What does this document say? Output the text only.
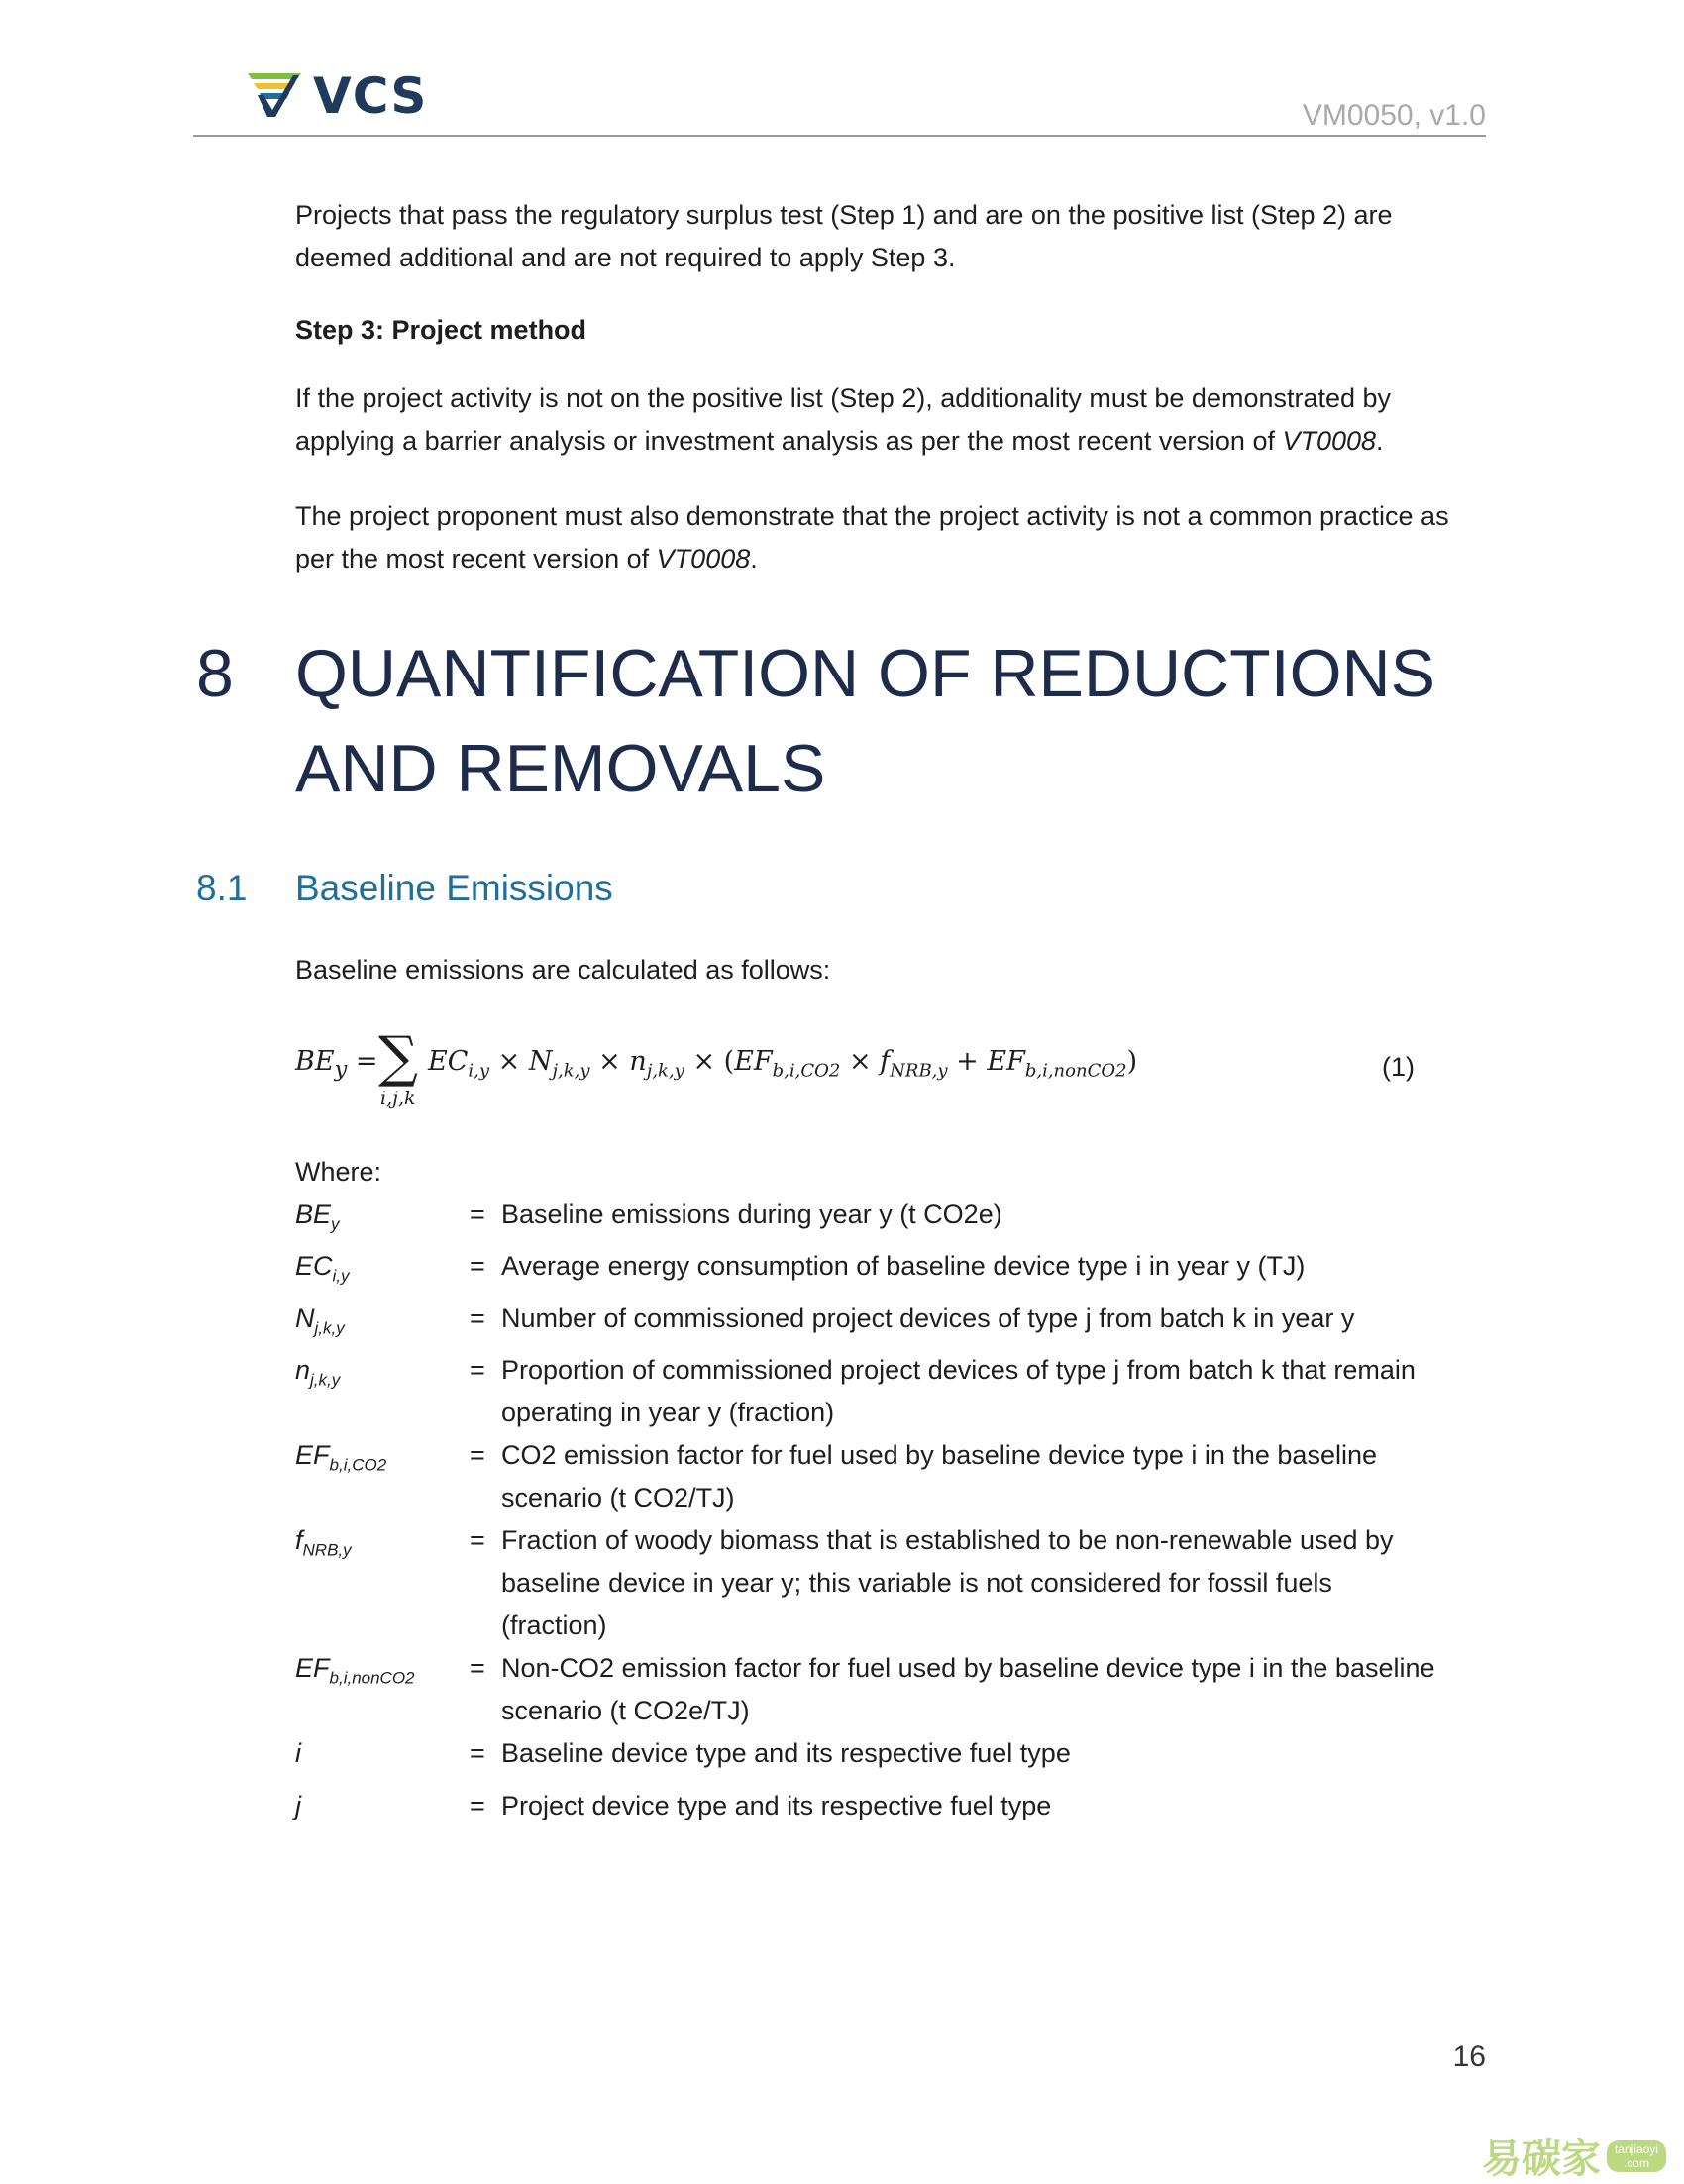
VCS	VM0050, v1.0

Projects that pass the regulatory surplus test (Step 1) and are on the positive list (Step 2) are deemed additional and are not required to apply Step 3.

Step 3: Project method

If the project activity is not on the positive list (Step 2), additionality must be demonstrated by applying a barrier analysis or investment analysis as per the most recent version of VT0008.

The project proponent must also demonstrate that the project activity is not a common practice as per the most recent version of VT0008.

8 QUANTIFICATION OF REDUCTIONS AND REMOVALS
8.1 Baseline Emissions

Baseline emissions are calculated as follows:

$BE_y$ = ∑
i,j,k
$EC_{i,y} \times N_{j,k,y} \times n_{j,k,y} \times (EF_{b,i,CO2} \times f_{NRB,y} + EF_{b,i,nonCO2})$	(1)

Where:

$BE_y$	= Baseline emissions during year y (t CO2e)
$EC_{i,y}$	= Average energy consumption of baseline device type i in year y (TJ)
$N_{j,k,y}$	= Number of commissioned project devices of type j from batch k in year y
$n_{j,k,y}$	= Proportion of commissioned project devices of type j from batch k that remain operating in year y (fraction)
$EF_{b,i,CO2}$	= CO2 emission factor for fuel used by baseline device type i in the baseline scenario (t CO2/TJ)
$f_{NRB,y}$	= Fraction of woody biomass that is established to be non-renewable used by baseline device in year y; this variable is not considered for fossil fuels (fraction)
$EF_{b,i,nonCO2}$	= Non-CO2 emission factor for fuel used by baseline device type i in the baseline scenario (t CO2e/TJ)
i	= Baseline device type and its respective fuel type
j	= Project device type and its respective fuel type
16
易碳家	tanjiaoyi
.com
